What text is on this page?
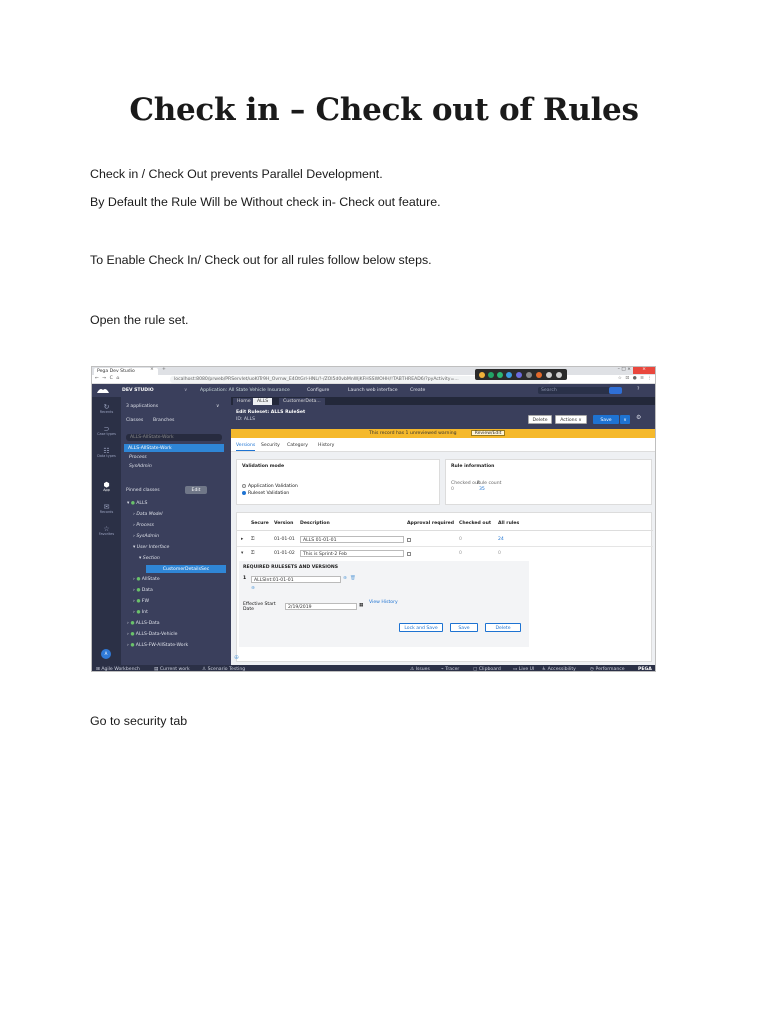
Check in – Check out of Rules

Check in / Check Out prevents Parallel Development.

By Default the Rule Will be Without check in- Check out feature.

To Enable Check In/ Check out for all rules follow below steps.

Open the rule set.

Pega Dev Studio	× +	– □ ×	×
← → C ⌂	localhost:8080/prweb/PRServlet/uoKlTr9H_Ovrnw_E4OtGrl-HNL/!-/ZOl5d0vbMnWjKFHSSWOHH/!TABTHREAD6/?pyActivity=...	☆ ⊡ ● ≡ ⋮
DEV STUDIO	∨	Application: All State Vehicle Insurance	Configure	Launch web interface	Create	Search	?
↻
Recents
⊃
Case types
☷
Data types
⬢
App
✉
Records
☆
Favorites
A
3 applications	∨
Classes Branches
ALLS-AllState-Work
ALLS-AllState-Work
Process
SysAdmin
Pinned classes	Edit
▾ ● ALLS
› Data Model
› Process
› SysAdmin
▾ User Interface
▾ Section
CustomerDetailsSec
› ● AllState
› ● Data
› ● FW
› ● Int
› ● ALLS-Data
› ● ALLS-Data-Vehicle
› ● ALLS-FW-AllState-Work
Home	ALLS	CustomerDeta...
Edit Ruleset: ALLS RuleSet
ID: ALLS	Delete	Actions ∨	Save	∨	⚙
This record has 1 unreviewed warning	Review/Edit
Versions Security Category History
Validation mode
Application Validation
Ruleset Validation
Rule information
Checked out
Rule count
0	35
Secure Version Description	Approval required Checked out All rules
▸ ⚿	01-01-01	ALLS 01-01-01	0	24
▾ ⚿	01-01-02	This is Sprint-2 Feb	0	0
REQUIRED RULESETS AND VERSIONS
1	ALLSInt:01-01-01	⊕ 🗑
⊕
Effective Start Date
2/19/2019	▦
View History
Lock and Save	Save	Delete
⊕
⊞ Agile Workbench	▤ Current work	♙ Scenario Testing	⚠ Issues ⌁ Tracer	▢ Clipboard	▭ Live UI ♿ Accessibility	◷ Performance	PEGA

Go to security tab
